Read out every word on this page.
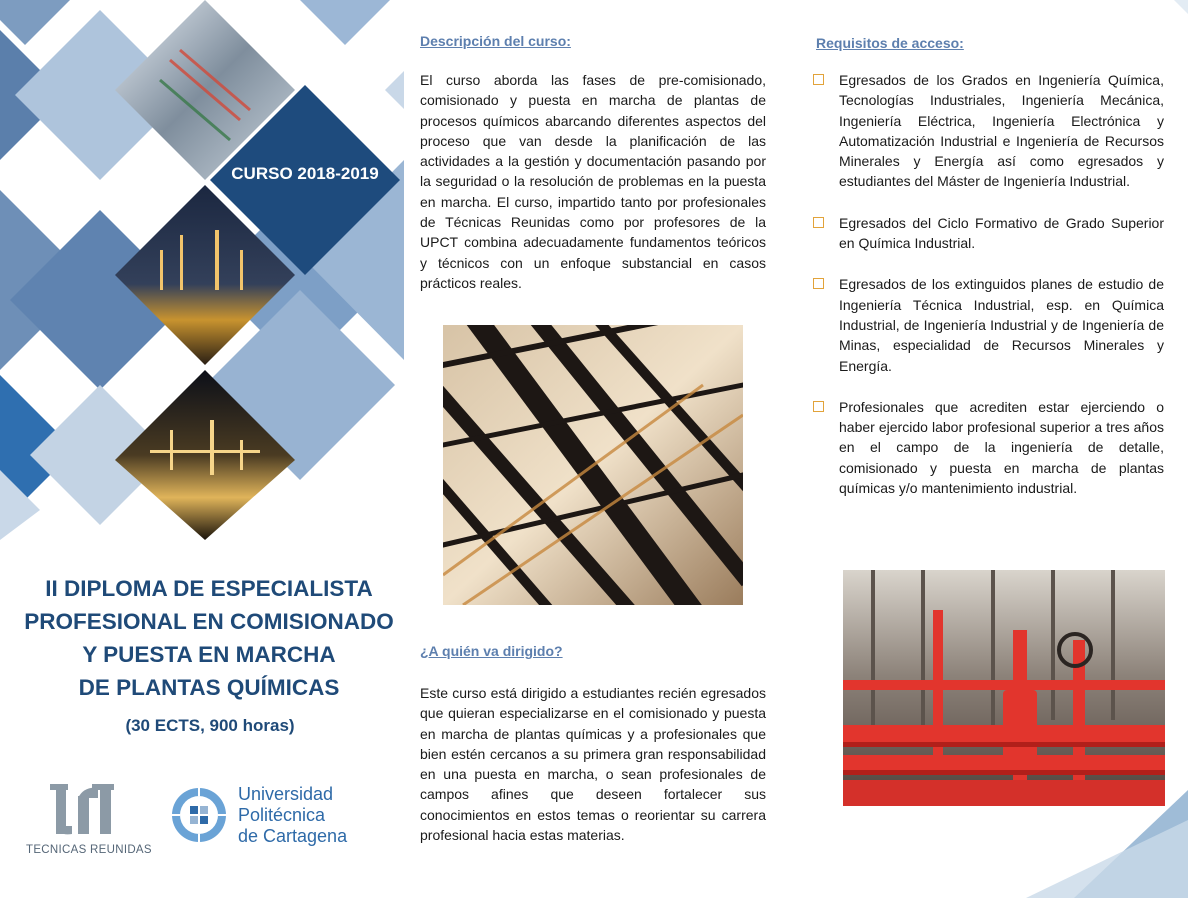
CURSO 2018-2019
II DIPLOMA DE ESPECIALISTA
PROFESIONAL EN COMISIONADO
Y PUESTA EN MARCHA
DE PLANTAS QUÍMICAS
(30 ECTS, 900 horas)
TECNICAS REUNIDAS
Universidad
Politécnica
de Cartagena
Descripción del curso:
El curso aborda las fases de pre-comisionado, comisionado y puesta en marcha de plantas de procesos químicos abarcando diferentes aspectos del proceso que van desde la planificación de las actividades a la gestión y documentación pasando por la seguridad o la resolución de problemas en la puesta en marcha. El curso, impartido tanto por profesionales de Técnicas Reunidas como por profesores de la UPCT combina adecuadamente fundamentos teóricos y técnicos con un enfoque substancial en casos prácticos reales.
¿A quién va dirigido?
Este curso está dirigido a estudiantes recién egresados que quieran especializarse en el comisionado y puesta en marcha de plantas químicas y a profesionales que bien estén cercanos a su primera gran responsabilidad en una puesta en marcha, o sean profesionales de campos afines que deseen fortalecer sus conocimientos en estos temas o reorientar su carrera profesional hacia estas materias.
Requisitos de acceso:
Egresados de los Grados en Ingeniería Química, Tecnologías Industriales, Ingeniería Mecánica, Ingeniería Eléctrica, Ingeniería Electrónica y Automatización Industrial e Ingeniería de Recursos Minerales y Energía así como egresados y estudiantes del Máster de Ingeniería Industrial.
Egresados del Ciclo Formativo de Grado Superior en Química Industrial.
Egresados de los extinguidos planes de estudio de Ingeniería Técnica Industrial, esp. en Química Industrial, de Ingeniería Industrial y de Ingeniería de Minas, especialidad de Recursos Minerales y Energía.
Profesionales que acrediten estar ejerciendo o haber ejercido labor profesional superior a tres años en el campo de la ingeniería de detalle, comisionado y puesta en marcha de plantas químicas y/o mantenimiento industrial.
